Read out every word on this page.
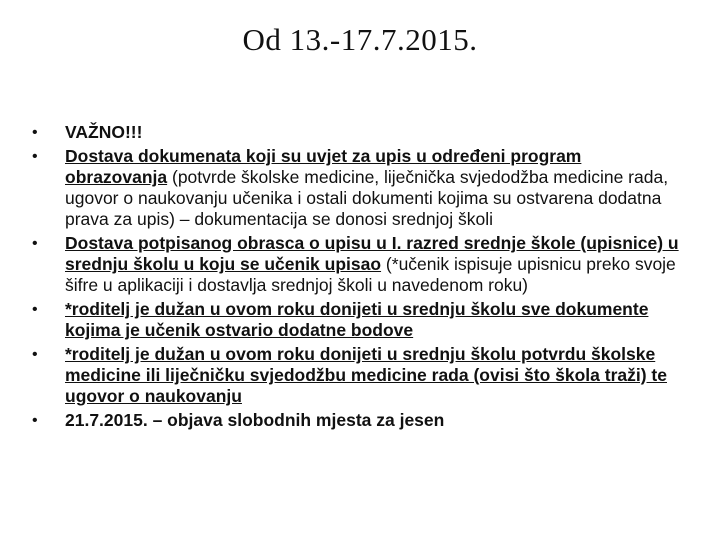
Od 13.-17.7.2015.
• VAŽNO!!!
• Dostava dokumenata koji su uvjet za upis u određeni program obrazovanja (potvrde školske medicine, liječnička svjedodžba medicine rada, ugovor o naukovanju učenika i ostali dokumenti kojima su ostvarena dodatna prava za upis) – dokumentacija se donosi srednjoj školi
• Dostava potpisanog obrasca o upisu u I. razred srednje škole (upisnice) u srednju školu u koju se učenik upisao (*učenik ispisuje upisnicu preko svoje šifre u aplikaciji i dostavlja srednjoj školi u navedenom roku)
• *roditelj je dužan u ovom roku donijeti u srednju školu sve dokumente kojima je učenik ostvario dodatne bodove
• *roditelj je dužan u ovom roku donijeti u srednju školu potvrdu školske medicine ili liječničku svjedodžbu medicine rada (ovisi što škola traži) te ugovor o naukovanju
• 21.7.2015. – objava slobodnih mjesta za jesen
